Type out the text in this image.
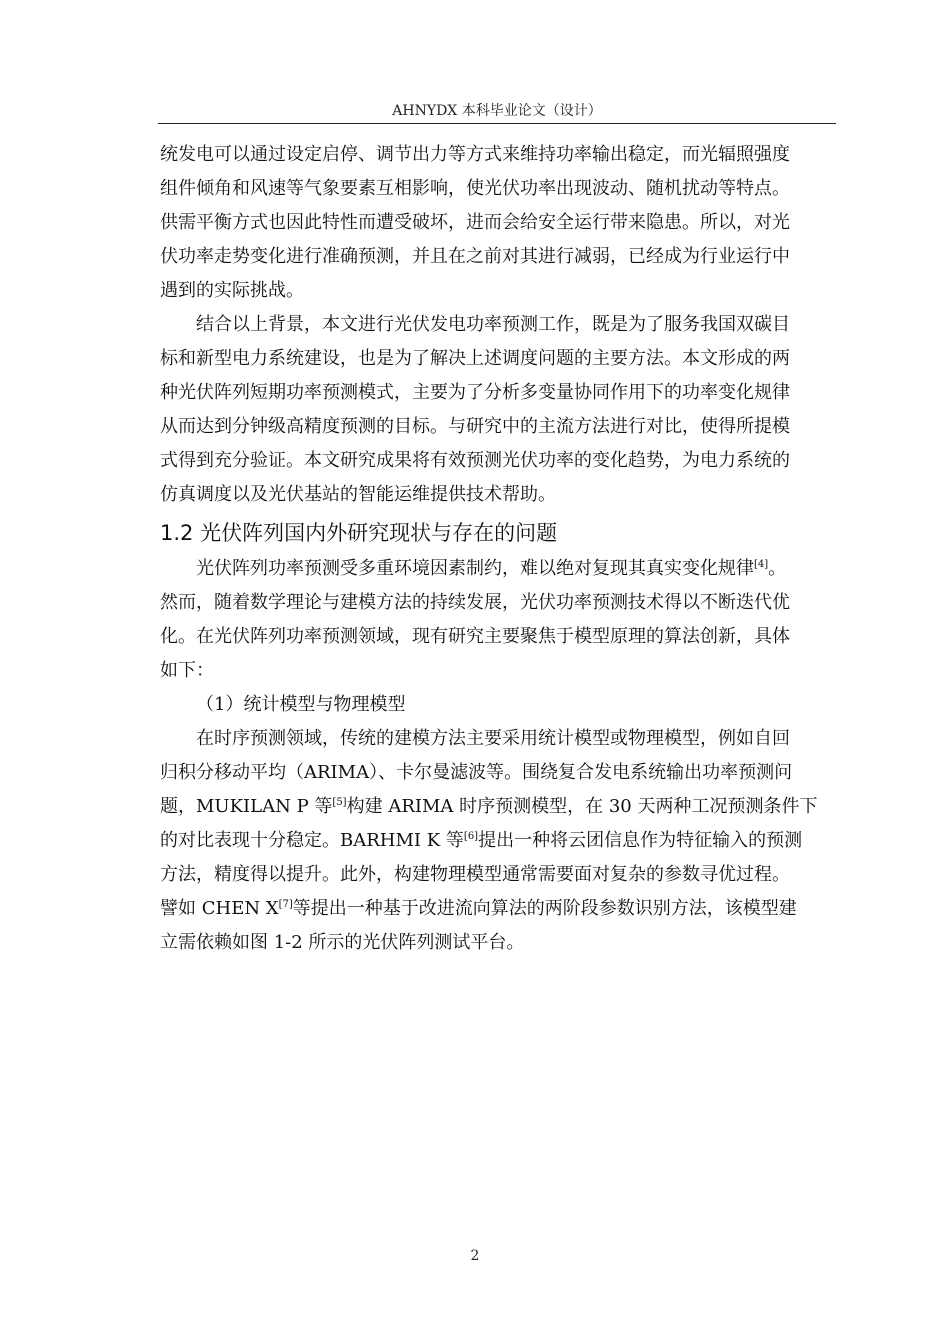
AHNYDX 本科毕业论文（设计）

统发电可以通过设定启停、调节出力等方式来维持功率输出稳定，而光辐照强度
组件倾角和风速等气象要素互相影响，使光伏功率出现波动、随机扰动等特点。
供需平衡方式也因此特性而遭受破坏，进而会给安全运行带来隐患。所以，对光
伏功率走势变化进行准确预测，并且在之前对其进行减弱，已经成为行业运行中
遇到的实际挑战。

结合以上背景，本文进行光伏发电功率预测工作，既是为了服务我国双碳目
标和新型电力系统建设，也是为了解决上述调度问题的主要方法。本文形成的两
种光伏阵列短期功率预测模式，主要为了分析多变量协同作用下的功率变化规律
从而达到分钟级高精度预测的目标。与研究中的主流方法进行对比，使得所提模
式得到充分验证。本文研究成果将有效预测光伏功率的变化趋势，为电力系统的
仿真调度以及光伏基站的智能运维提供技术帮助。

1.2 光伏阵列国内外研究现状与存在的问题

光伏阵列功率预测受多重环境因素制约，难以绝对复现其真实变化规律[4]。
然而，随着数学理论与建模方法的持续发展，光伏功率预测技术得以不断迭代优
化。在光伏阵列功率预测领域，现有研究主要聚焦于模型原理的算法创新，具体
如下：

（1）统计模型与物理模型

在时序预测领域，传统的建模方法主要采用统计模型或物理模型，例如自回
归积分移动平均（ARIMA）、卡尔曼滤波等。围绕复合发电系统输出功率预测问
题，MUKILAN P 等[5]构建 ARIMA 时序预测模型，在 30 天两种工况预测条件下
的对比表现十分稳定。BARHMI K 等[6]提出一种将云团信息作为特征输入的预测
方法，精度得以提升。此外，构建物理模型通常需要面对复杂的参数寻优过程。
譬如 CHEN X[7]等提出一种基于改进流向算法的两阶段参数识别方法，该模型建
立需依赖如图 1-2 所示的光伏阵列测试平台。

2
